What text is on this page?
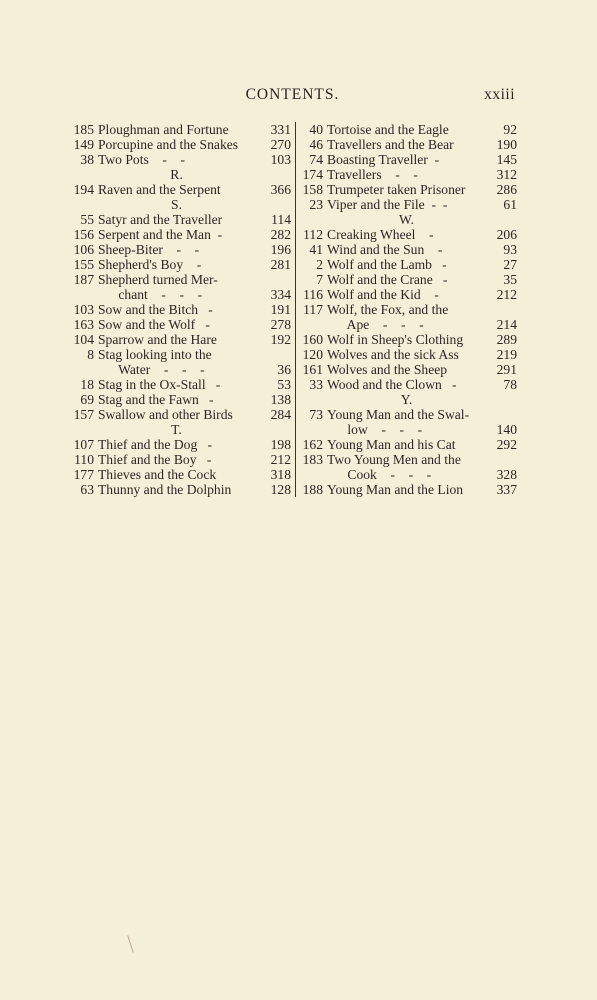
CONTENTS.	xxiii
185 Ploughman and Fortune	331
149 Porcupine and the Snakes	270
38 Two Pots    -    -	103
R.
194 Raven and the Serpent	366
S.
55 Satyr and the Traveller	114
156 Serpent and the Man  -	282
106 Sheep-Biter    -    -	196
155 Shepherd's Boy    -	281
187 Shepherd turned Mer-
chant    -    -    -	334
103 Sow and the Bitch   -	191
163 Sow and the Wolf   -	278
104 Sparrow and the Hare	192
8 Stag looking into the
Water    -    -    -	36
18 Stag in the Ox-Stall   -	53
69 Stag and the Fawn   -	138
157 Swallow and other Birds	284
T.
107 Thief and the Dog   -	198
110 Thief and the Boy   -	212
177 Thieves and the Cock	318
63 Thunny and the Dolphin	128
40 Tortoise and the Eagle	92
46 Travellers and the Bear	190
74 Boasting Traveller  -	145
174 Travellers    -    -	312
158 Trumpeter taken Prisoner	286
23 Viper and the File  -  -	61
W.
112 Creaking Wheel    -	206
41 Wind and the Sun    -	93
2 Wolf and the Lamb   -	27
7 Wolf and the Crane   -	35
116 Wolf and the Kid    -	212
117 Wolf, the Fox, and the
Ape    -    -    -	214
160 Wolf in Sheep's Clothing	289
120 Wolves and the sick Ass	219
161 Wolves and the Sheep	291
33 Wood and the Clown   -	78
Y.
73 Young Man and the Swal-
low    -    -    -	140
162 Young Man and his Cat	292
183 Two Young Men and the
Cook    -    -    -	328
188 Young Man and the Lion	337
